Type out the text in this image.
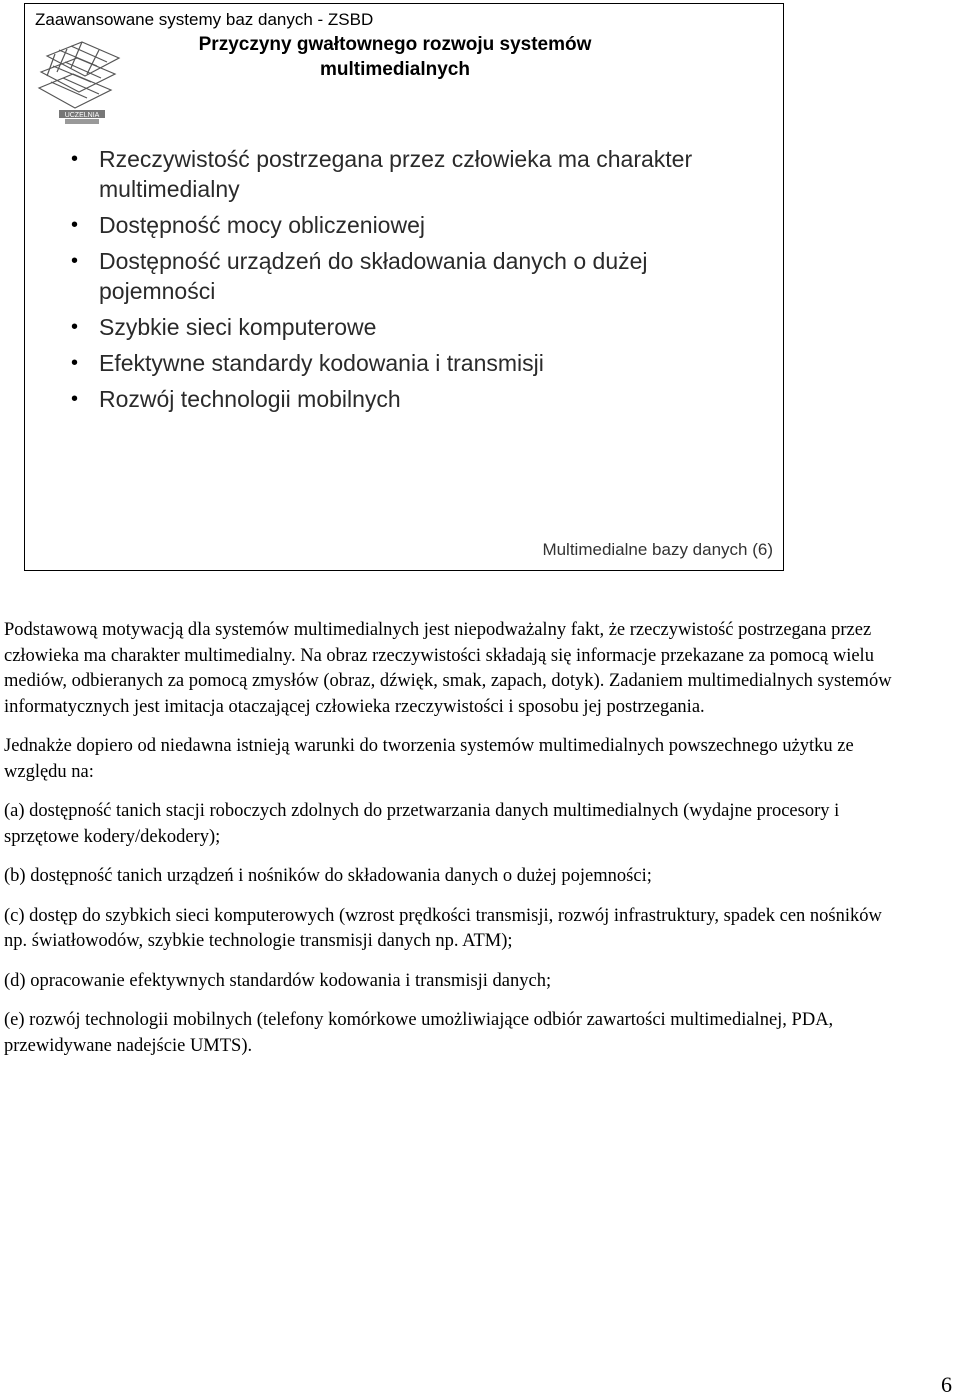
Zaawansowane systemy baz danych - ZSBD
UCZELNIA
Przyczyny gwałtownego rozwoju systemów multimedialnych
• Rzeczywistość postrzegana przez człowieka ma charakter multimedialny
• Dostępność mocy obliczeniowej
• Dostępność urządzeń do składowania danych o dużej pojemności
• Szybkie sieci komputerowe
• Efektywne standardy kodowania i transmisji
• Rozwój technologii mobilnych
Multimedialne bazy danych (6)

Podstawową motywacją dla systemów multimedialnych jest niepodważalny fakt, że rzeczywistość postrzegana przez człowieka ma charakter multimedialny. Na obraz rzeczywistości składają się informacje przekazane za pomocą wielu mediów, odbieranych za pomocą zmysłów (obraz, dźwięk, smak, zapach, dotyk). Zadaniem multimedialnych systemów informatycznych jest imitacja otaczającej człowieka rzeczywistości i sposobu jej postrzegania.

Jednakże dopiero od niedawna istnieją warunki do tworzenia systemów multimedialnych powszechnego użytku ze względu na:

(a) dostępność tanich stacji roboczych zdolnych do przetwarzania danych multimedialnych (wydajne procesory i sprzętowe kodery/dekodery);

(b) dostępność tanich urządzeń i nośników do składowania danych o dużej pojemności;

(c) dostęp do szybkich sieci komputerowych (wzrost prędkości transmisji, rozwój infrastruktury, spadek cen nośników np. światłowodów, szybkie technologie transmisji danych np. ATM);

(d) opracowanie efektywnych standardów kodowania i transmisji danych;

(e) rozwój technologii mobilnych (telefony komórkowe umożliwiające odbiór zawartości multimedialnej, PDA, przewidywane nadejście UMTS).

6
